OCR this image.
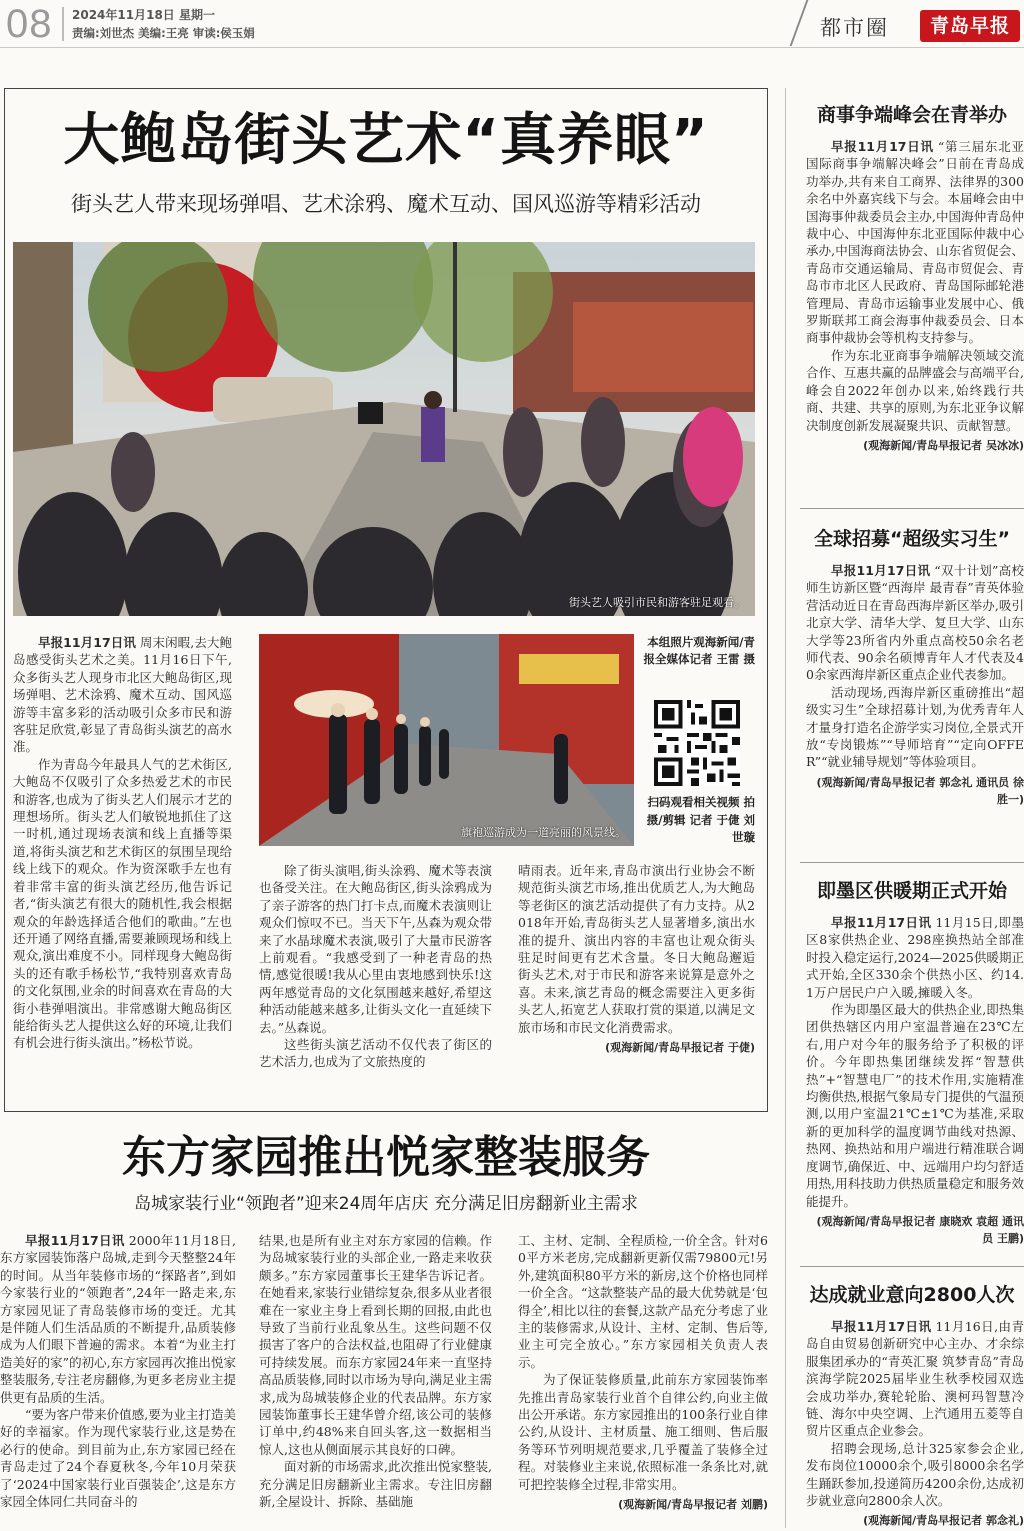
08 2024年11月18日 星期一
责编:刘世杰 美编:王亮 审读:侯玉娟	都市圈	青岛早报
大鲍岛街头艺术“真养眼”
街头艺人带来现场弹唱、艺术涂鸦、魔术互动、国风巡游等精彩活动
街头艺人吸引市民和游客驻足观看。

早报11月17日讯 周末闲暇,去大鲍岛感受街头艺术之美。11月16日下午,众多街头艺人现身市北区大鲍岛街区,现场弹唱、艺术涂鸦、魔术互动、国风巡游等丰富多彩的活动吸引众多市民和游客驻足欣赏,彰显了青岛街头演艺的高水准。

作为青岛今年最具人气的艺术街区,大鲍岛不仅吸引了众多热爱艺术的市民和游客,也成为了街头艺人们展示才艺的理想场所。街头艺人们敏锐地抓住了这一时机,通过现场表演和线上直播等渠道,将街头演艺和艺术街区的氛围呈现给线上线下的观众。作为资深歌手左也有着非常丰富的街头演艺经历,他告诉记者,“街头演艺有很大的随机性,我会根据观众的年龄选择适合他们的歌曲。”左也还开通了网络直播,需要兼顾现场和线上观众,演出难度不小。同样现身大鲍岛街头的还有歌手杨松节,“我特别喜欢青岛的文化氛围,业余的时间喜欢在青岛的大街小巷弹唱演出。非常感谢大鲍岛街区能给街头艺人提供这么好的环境,让我们有机会进行街头演出。”杨松节说。

旗袍巡游成为一道亮丽的风景线。
本组照片观海新闻/青报全媒体记者 王雷 摄
扫码观看相关视频 拍摄/剪辑 记者 于倢 刘世璇

除了街头演唱,街头涂鸦、魔术等表演也备受关注。在大鲍岛街区,街头涂鸦成为了亲子游客的热门打卡点,而魔术表演则让观众们惊叹不已。当天下午,丛森为观众带来了水晶球魔术表演,吸引了大量市民游客上前观看。“我感受到了一种老青岛的热情,感觉很暖!我从心里由衷地感到快乐!这两年感觉青岛的文化氛围越来越好,希望这种活动能越来越多,让街头文化一直延续下去。”丛森说。

这些街头演艺活动不仅代表了街区的艺术活力,也成为了文旅热度的

晴雨表。近年来,青岛市演出行业协会不断规范街头演艺市场,推出优质艺人,为大鲍岛等老街区的演艺活动提供了有力支持。从2018年开始,青岛街头艺人显著增多,演出水准的提升、演出内容的丰富也让观众街头驻足时间更有艺术含量。冬日大鲍岛邂逅街头艺术,对于市民和游客来说算是意外之喜。未来,演艺青岛的概念需要注入更多街头艺人,拓宽艺人获取打赏的渠道,以满足文旅市场和市民文化消费需求。

(观海新闻/青岛早报记者 于倢)

商事争端峰会在青举办

早报11月17日讯 “第三届东北亚国际商事争端解决峰会”日前在青岛成功举办,共有来自工商界、法律界的300余名中外嘉宾线下与会。本届峰会由中国海事仲裁委员会主办,中国海仲青岛仲裁中心、中国海仲东北亚国际仲裁中心承办,中国海商法协会、山东省贸促会、青岛市交通运输局、青岛市贸促会、青岛市市北区人民政府、青岛国际邮轮港管理局、青岛市运输事业发展中心、俄罗斯联邦工商会海事仲裁委员会、日本商事仲裁协会等机构支持参与。

作为东北亚商事争端解决领域交流合作、互惠共赢的品牌盛会与高端平台,峰会自2022年创办以来,始终践行共商、共建、共享的原则,为东北亚争议解决制度创新发展凝聚共识、贡献智慧。

(观海新闻/青岛早报记者 吴冰冰)

全球招募“超级实习生”

早报11月17日讯 “双十计划”高校师生访新区暨“西海岸 最青春”青英体验营活动近日在青岛西海岸新区举办,吸引北京大学、清华大学、复旦大学、山东大学等23所省内外重点高校50余名老师代表、90余名硕博青年人才代表及40余家西海岸新区重点企业代表参加。

活动现场,西海岸新区重磅推出“超级实习生”全球招募计划,为优秀青年人才量身打造名企游学实习岗位,全景式开放“专岗锻炼”“导师培育”“定向OFFER”“就业辅导规划”等体验项目。

(观海新闻/青岛早报记者 郭念礼 通讯员 徐胜一)

即墨区供暖期正式开始

早报11月17日讯 11月15日,即墨区8家供热企业、298座换热站全部准时投入稳定运行,2024—2025供暖期正式开始,全区330余个供热小区、约14.1万户居民户户入暖,擁暖入冬。

作为即墨区最大的供热企业,即热集团供热辖区内用户室温普遍在23℃左右,用户对今年的服务给予了积极的评价。今年即热集团继续发挥“智慧供热”+“智慧电厂”的技术作用,实施精准均衡供热,根据气象局专门提供的气温预测,以用户室温21℃±1℃为基准,采取新的更加科学的温度调节曲线对热源、热网、换热站和用户端进行精准联合调度调节,确保近、中、远端用户均匀舒适用热,用科技助力供热质量稳定和服务效能提升。

(观海新闻/青岛早报记者 康晓欢 袁超 通讯员 王鹏)

达成就业意向2800人次

早报11月17日讯 11月16日,由青岛自由贸易创新研究中心主办、才余综服集团承办的“青英汇聚 筑梦青岛”青岛滨海学院2025届毕业生秋季校园双选会成功举办,赛轮轮胎、澳柯玛智慧冷链、海尔中央空调、上汽通用五菱等自贸片区重点企业参会。

招聘会现场,总计325家参会企业,发布岗位10000余个,吸引8000余名学生踊跃参加,投递简历4200余份,达成初步就业意向2800余人次。

(观海新闻/青岛早报记者 郭念礼)

东方家园推出悦家整装服务
岛城家装行业“领跑者”迎来24周年店庆 充分满足旧房翻新业主需求

早报11月17日讯 2000年11月18日,东方家园装饰落户岛城,走到今天整整24年的时间。从当年装修市场的“探路者”,到如今家装行业的“领跑者”,24年一路走来,东方家园见证了青岛装修市场的变迁。尤其是伴随人们生活品质的不断提升,品质装修成为人们眼下普遍的需求。本着“为业主打造美好的家”的初心,东方家园再次推出悦家整装服务,专注老房翻修,为更多老房业主提供更有品质的生活。

“要为客户带来价值感,要为业主打造美好的幸福家。作为现代家装行业,这是势在必行的使命。到目前为止,东方家园已经在青岛走过了24个春夏秋冬,今年10月荣获了‘2024中国家装行业百强装企’,这是东方家园全体同仁共同奋斗的

结果,也是所有业主对东方家园的信赖。作为岛城家装行业的头部企业,一路走来收获颇多。”东方家园董事长王建华告诉记者。在她看来,家装行业错综复杂,很多从业者很难在一家业主身上看到长期的回报,由此也导致了当前行业乱象丛生。这些问题不仅损害了客户的合法权益,也阻碍了行业健康可持续发展。而东方家园24年来一直坚持高品质装修,同时以市场为导向,满足业主需求,成为岛城装修企业的代表品牌。东方家园装饰董事长王建华曾介绍,该公司的装修订单中,约48%来自回头客,这一数据相当惊人,这也从侧面展示其良好的口碑。

面对新的市场需求,此次推出悦家整装,充分满足旧房翻新业主需求。专注旧房翻新,全屋设计、拆除、基础施

工、主材、定制、全程质检,一价全含。针对60平方米老房,完成翻新更新仅需79800元!另外,建筑面积80平方米的新房,这个价格也同样一价全含。“这款整装产品的最大优势就是‘包得全’,相比以往的套餐,这款产品充分考虑了业主的装修需求,从设计、主材、定制、售后等,业主可完全放心。”东方家园相关负责人表示。

为了保证装修质量,此前东方家园装饰率先推出青岛家装行业首个自律公约,向业主做出公开承诺。东方家园推出的100条行业自律公约,从设计、主材质量、施工细则、售后服务等环节列明规范要求,几乎覆盖了装修全过程。对装修业主来说,依照标准一条条比对,就可把控装修全过程,非常实用。

(观海新闻/青岛早报记者 刘鹏)
